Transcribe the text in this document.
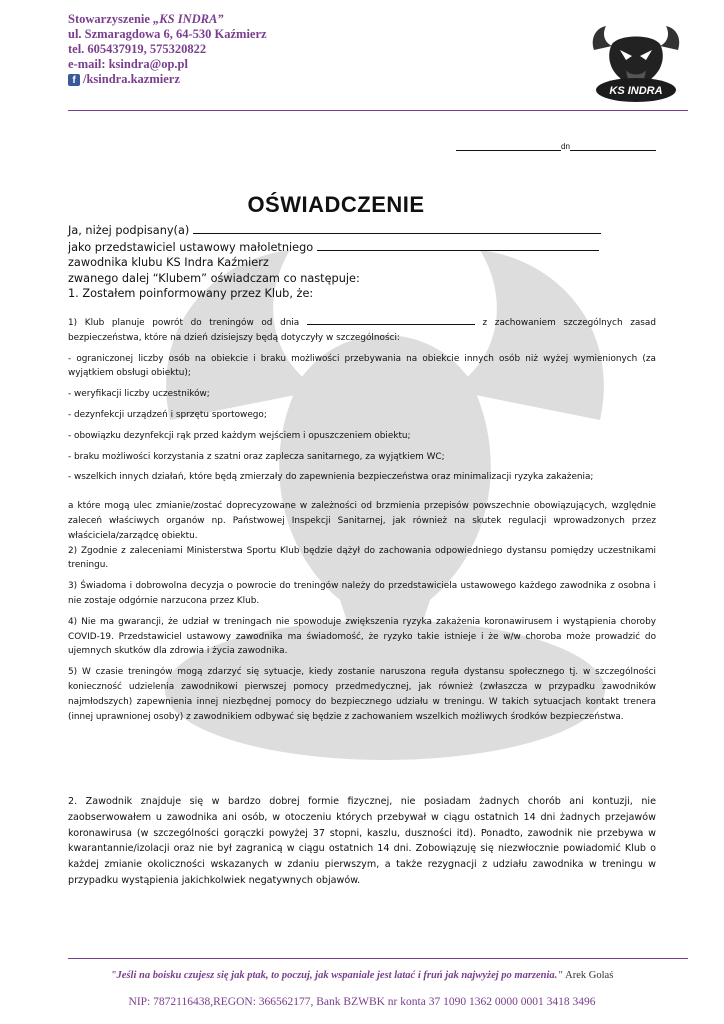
Stowarzyszenie „KS INDRA”
ul. Szmaragdowa 6, 64-530 Kaźmierz
tel. 605437919, 575320822
e-mail: ksindra@op.pl
f /ksindra.kazmierz
KS INDRA
dn
OŚWIADCZENIE
Ja, niżej podpisany(a)
jako przedstawiciel ustawowy małoletniego
zawodnika klubu KS Indra Kaźmierz
zwanego dalej “Klubem” oświadczam co następuje:
1. Zostałem poinformowany przez Klub, że:

1) Klub planuje powrót do treningów od dnia	z zachowaniem szczególnych zasad bezpieczeństwa, które na dzień dzisiejszy będą dotyczyły w szczególności:

- ograniczonej liczby osób na obiekcie i braku możliwości przebywania na obiekcie innych osób niż wyżej wymienionych (za wyjątkiem obsługi obiektu);

- weryfikacji liczby uczestników;

- dezynfekcji urządzeń i sprzętu sportowego;

- obowiązku dezynfekcji rąk przed każdym wejściem i opuszczeniem obiektu;

- braku możliwości korzystania z szatni oraz zaplecza sanitarnego, za wyjątkiem WC;

- wszelkich innych działań, które będą zmierzały do zapewnienia bezpieczeństwa oraz minimalizacji ryzyka zakażenia;

a które mogą ulec zmianie/zostać doprecyzowane w zależności od brzmienia przepisów powszechnie obowiązujących, względnie zaleceń właściwych organów np. Państwowej Inspekcji Sanitarnej, jak również na skutek regulacji wprowadzonych przez właściciela/zarządcę obiektu.

2) Zgodnie z zaleceniami Ministerstwa Sportu Klub będzie dążył do zachowania odpowiedniego dystansu pomiędzy uczestnikami treningu.

3) Świadoma i dobrowolna decyzja o powrocie do treningów należy do przedstawiciela ustawowego każdego zawodnika z osobna i nie zostaje odgórnie narzucona przez Klub.

4) Nie ma gwarancji, że udział w treningach nie spowoduje zwiększenia ryzyka zakażenia koronawirusem i wystąpienia choroby COVID-19. Przedstawiciel ustawowy zawodnika ma świadomość, że ryzyko takie istnieje i że w/w choroba może prowadzić do ujemnych skutków dla zdrowia i życia zawodnika.

5) W czasie treningów mogą zdarzyć się sytuacje, kiedy zostanie naruszona reguła dystansu społecznego tj. w szczególności konieczność udzielenia zawodnikowi pierwszej pomocy przedmedycznej, jak również (zwłaszcza w przypadku zawodników najmłodszych) zapewnienia innej niezbędnej pomocy do bezpiecznego udziału w treningu. W takich sytuacjach kontakt trenera (innej uprawnionej osoby) z zawodnikiem odbywać się będzie z zachowaniem wszelkich możliwych środków bezpieczeństwa.

2. Zawodnik znajduje się w bardzo dobrej formie fizycznej, nie posiadam żadnych chorób ani kontuzji, nie zaobserwowałem u zawodnika ani osób, w otoczeniu których przebywał w ciągu ostatnich 14 dni żadnych przejawów koronawirusa (w szczególności gorączki powyżej 37 stopni, kaszlu, duszności itd). Ponadto, zawodnik nie przebywa w kwarantannie/izolacji oraz nie był zagranicą w ciągu ostatnich 14 dni. Zobowiązuję się niezwłocznie powiadomić Klub o każdej zmianie okoliczności wskazanych w zdaniu pierwszym, a także rezygnacji z udziału zawodnika w treningu w przypadku wystąpienia jakichkolwiek negatywnych objawów.
"Jeśli na boisku czujesz się jak ptak, to poczuj, jak wspaniale jest latać i fruń jak najwyżej po marzenia." Arek Golaś
NIP: 7872116438,REGON: 366562177, Bank BZWBK nr konta 37 1090 1362 0000 0001 3418 3496
